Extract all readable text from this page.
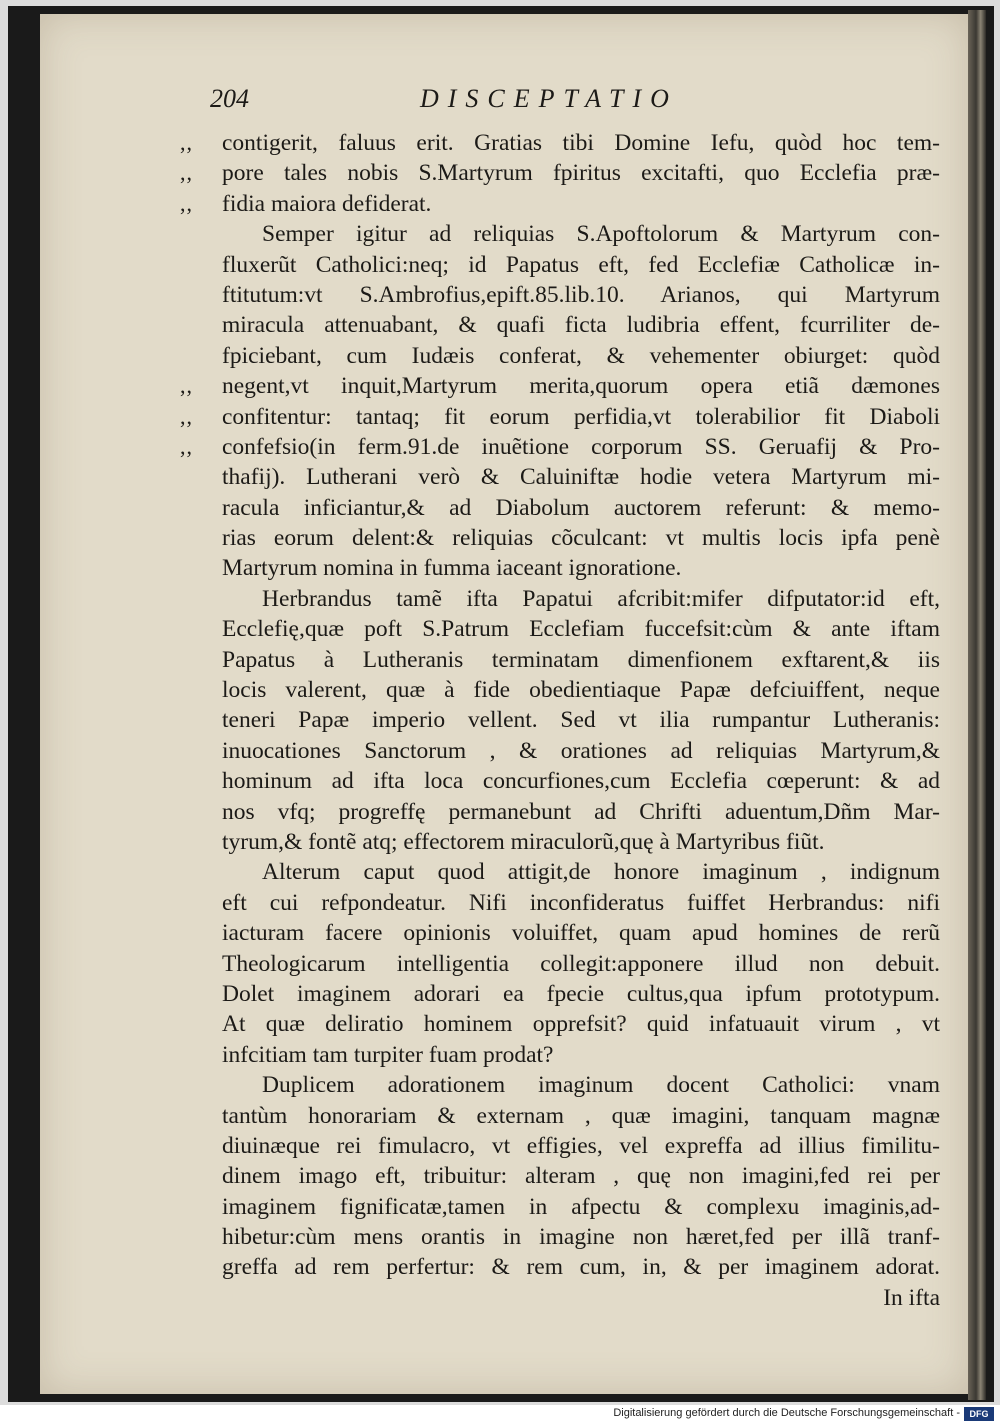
204	DISCEPTATIO
,, contigerit, faluus erit. Gratias tibi Domine Iefu, quòd hoc tem-
,, pore tales nobis S.Martyrum fpiritus excitafti, quo Ecclefia præ-
,, fidia maiora defiderat.
Semper igitur ad reliquias S.Apoftolorum & Martyrum con-
fluxerũt Catholici:neq; id Papatus eft, fed Ecclefiæ Catholicæ in-
ftitutum:vt S.Ambrofius,epift.85.lib.10. Arianos, qui Martyrum
miracula attenuabant, & quafi ficta ludibria effent, fcurriliter de-
fpiciebant, cum Iudæis conferat, & vehementer obiurget: quòd
,, negent,vt inquit,Martyrum merita,quorum opera etiã dæmones
,, confitentur: tantaq; fit eorum perfidia,vt tolerabilior fit Diaboli
,, confefsio(in ferm.91.de inuẽtione corporum SS. Geruafij & Pro-
thafij). Lutherani verò & Caluiniftæ hodie vetera Martyrum mi-
racula inficiantur,& ad Diabolum auctorem referunt: & memo-
rias eorum delent:& reliquias cõculcant: vt multis locis ipfa penè
Martyrum nomina in fumma iaceant ignoratione.
Herbrandus tamẽ ifta Papatui afcribit:mifer difputator:id eft,
Ecclefię,quæ poft S.Patrum Ecclefiam fuccefsit:cùm & ante iftam
Papatus à Lutheranis terminatam dimenfionem exftarent,& iis
locis valerent, quæ à fide obedientiaque Papæ defciuiffent, neque
teneri Papæ imperio vellent. Sed vt ilia rumpantur Lutheranis:
inuocationes Sanctorum , & orationes ad reliquias Martyrum,&
hominum ad ifta loca concurfiones,cum Ecclefia cœperunt: & ad
nos vfq; progreffę permanebunt ad Chrifti aduentum,Dñm Mar-
tyrum,& fontẽ atq; effectorem miraculorũ,quę à Martyribus fiũt.
Alterum caput quod attigit,de honore imaginum , indignum
eft cui refpondeatur. Nifi inconfideratus fuiffet Herbrandus: nifi
iacturam facere opinionis voluiffet, quam apud homines de rerũ
Theologicarum intelligentia collegit:apponere illud non debuit.
Dolet imaginem adorari ea fpecie cultus,qua ipfum prototypum.
At quæ deliratio hominem opprefsit? quid infatuauit virum , vt
infcitiam tam turpiter fuam prodat?
Duplicem adorationem imaginum docent Catholici: vnam
tantùm honorariam & externam , quæ imagini, tanquam magnæ
diuinæque rei fimulacro, vt effigies, vel expreffa ad illius fimilitu-
dinem imago eft, tribuitur: alteram , quę non imagini,fed rei per
imaginem fignificatæ,tamen in afpectu & complexu imaginis,ad-
hibetur:cùm mens orantis in imagine non hæret,fed per illã tranf-
greffa ad rem perfertur: & rem cum, in, & per imaginem adorat.
In ifta
Digitalisierung gefördert durch die Deutsche Forschungsgemeinschaft -	DFG
